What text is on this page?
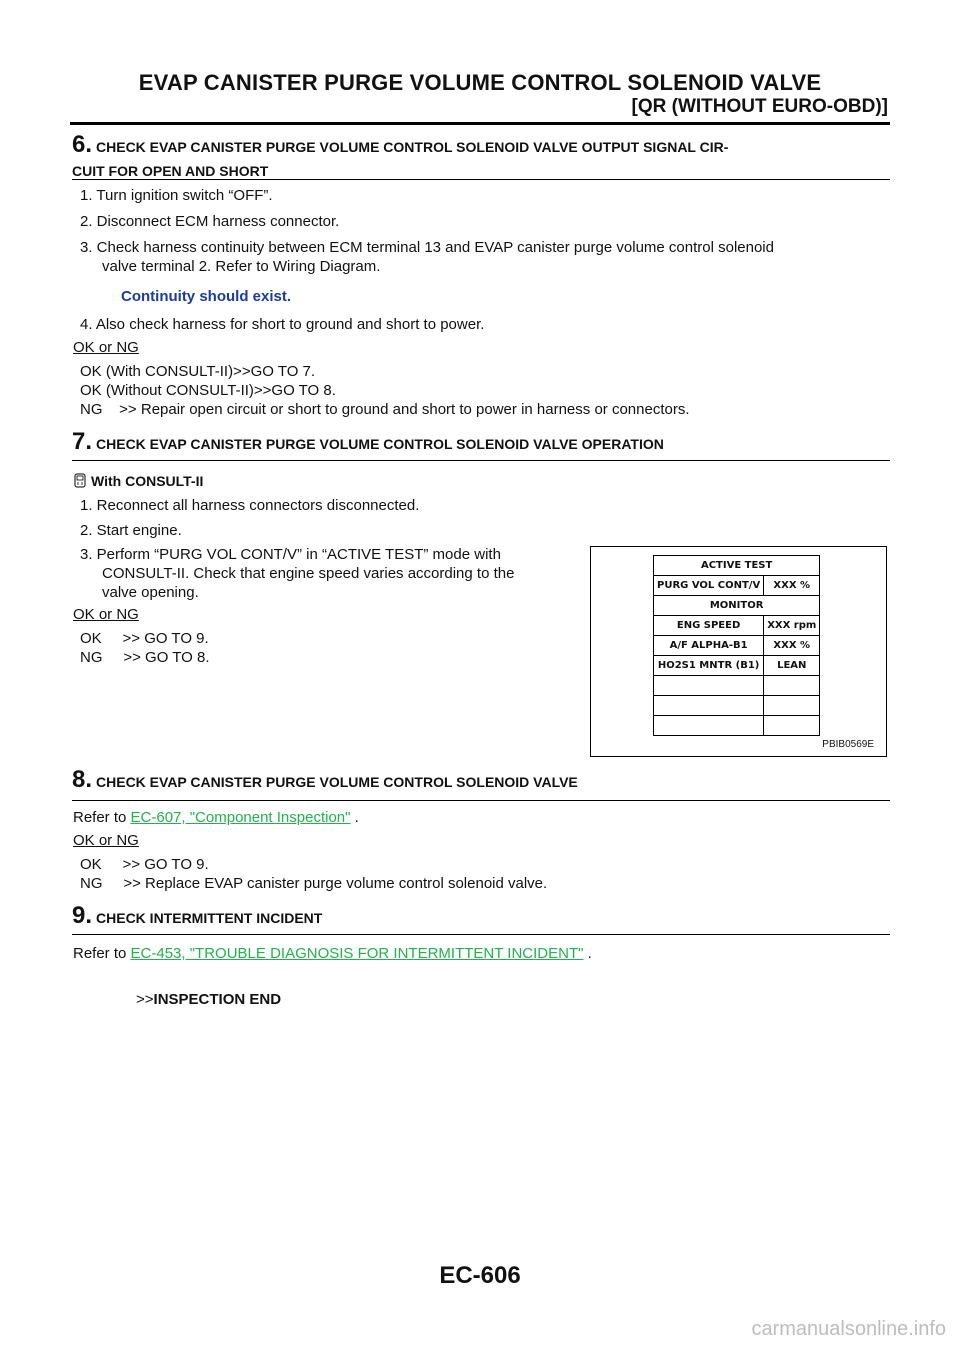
EVAP CANISTER PURGE VOLUME CONTROL SOLENOID VALVE
[QR (WITHOUT EURO-OBD)]
6. CHECK EVAP CANISTER PURGE VOLUME CONTROL SOLENOID VALVE OUTPUT SIGNAL CIR-
CUIT FOR OPEN AND SHORT
1. Turn ignition switch “OFF”.
2. Disconnect ECM harness connector.
3. Check harness continuity between ECM terminal 13 and EVAP canister purge volume control solenoid
valve terminal 2. Refer to Wiring Diagram.
Continuity should exist.
4. Also check harness for short to ground and short to power.
OK or NG
OK (With CONSULT-II)>>GO TO 7.
OK (Without CONSULT-II)>>GO TO 8.
NG    >> Repair open circuit or short to ground and short to power in harness or connectors.
7. CHECK EVAP CANISTER PURGE VOLUME CONTROL SOLENOID VALVE OPERATION
With CONSULT-II
1. Reconnect all harness connectors disconnected.
2. Start engine.
3. Perform “PURG VOL CONT/V” in “ACTIVE TEST” mode with
CONSULT-II. Check that engine speed varies according to the
valve opening.
OK or NG
OK     >> GO TO 9.
NG     >> GO TO 8.
ACTIVE TEST	
PURG VOL CONT/V	XXX %
MONITOR	
ENG SPEED	XXX rpm
A/F ALPHA-B1	XXX %
HO2S1 MNTR (B1)	LEAN

PBIB0569E
8. CHECK EVAP CANISTER PURGE VOLUME CONTROL SOLENOID VALVE
Refer to EC-607, "Component Inspection" .
OK or NG
OK     >> GO TO 9.
NG     >> Replace EVAP canister purge volume control solenoid valve.
9. CHECK INTERMITTENT INCIDENT
Refer to EC-453, "TROUBLE DIAGNOSIS FOR INTERMITTENT INCIDENT" .
>>INSPECTION END
EC-606
carmanualsonline.info
